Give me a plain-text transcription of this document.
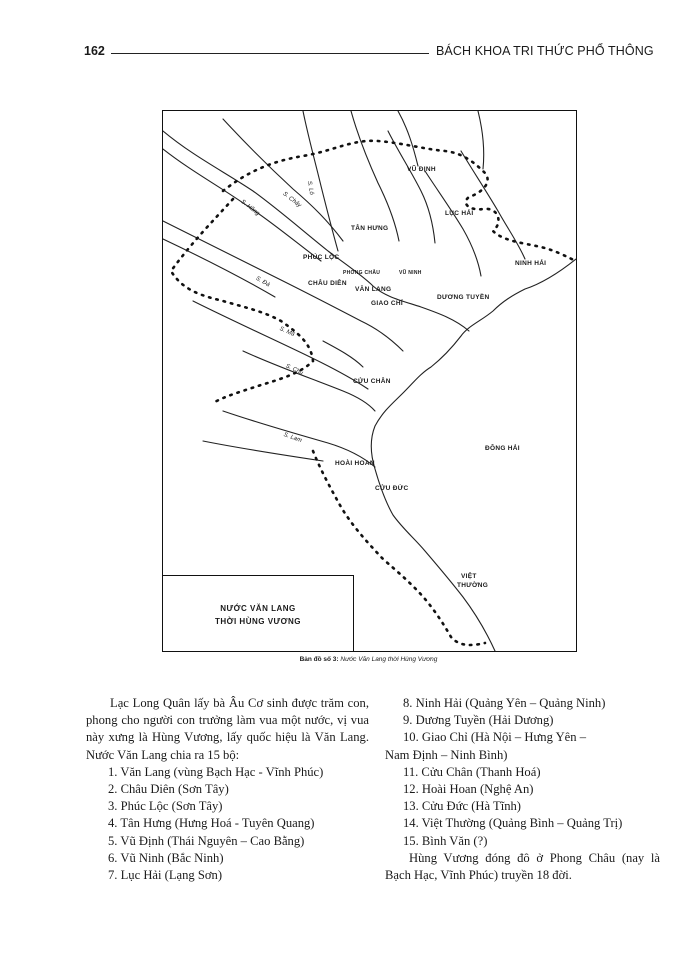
162	BÁCH KHOA TRI THỨC PHỔ THÔNG
VŨ ĐỊNH
LỤC HẢI
TÂN HƯNG
NINH HẢI
PHÚC LỘC
PHONG CHÂU	VŨ NINH
CHÂU DIÊN
VĂN LANG
GIAO CHỈ
DƯƠNG TUYỀN
CỬU CHÂN
ĐÔNG HẢI
HOÀI HOAN
CỬU ĐỨC
VIỆT
THƯỜNG
S. Lô
S. Chảy
S. Hồng
S. Đà
S. Mã
S. Chu
S. Lam
NƯỚC VĂN LANG
THỜI HÙNG VƯƠNG
Bản đồ số 3: Nước Văn Lang thời Hùng Vương
Lạc Long Quân lấy bà Âu Cơ sinh được trăm con, phong cho người con trưởng làm vua một nước, vị vua này xưng là Hùng Vương, lấy quốc hiệu là Văn Lang. Nước Văn Lang chia ra 15 bộ:
1. Văn Lang (vùng Bạch Hạc - Vĩnh Phúc)
2. Châu Diên (Sơn Tây)
3. Phúc Lộc (Sơn Tây)
4. Tân Hưng (Hưng Hoá - Tuyên Quang)
5. Vũ Định (Thái Nguyên – Cao Bằng)
6. Vũ Ninh (Bắc Ninh)
7. Lục Hải (Lạng Sơn)
8. Ninh Hải (Quảng Yên – Quảng Ninh)
9. Dương Tuyền (Hải Dương)
10. Giao Chỉ (Hà Nội – Hưng Yên –
Nam Định – Ninh Bình)
11. Cửu Chân (Thanh Hoá)
12. Hoài Hoan (Nghệ An)
13. Cửu Đức (Hà Tĩnh)
14. Việt Thường (Quảng Bình – Quảng Trị)
15. Bình Văn (?)
Hùng Vương đóng đô ở Phong Châu (nay là Bạch Hạc, Vĩnh Phúc) truyền 18 đời.
